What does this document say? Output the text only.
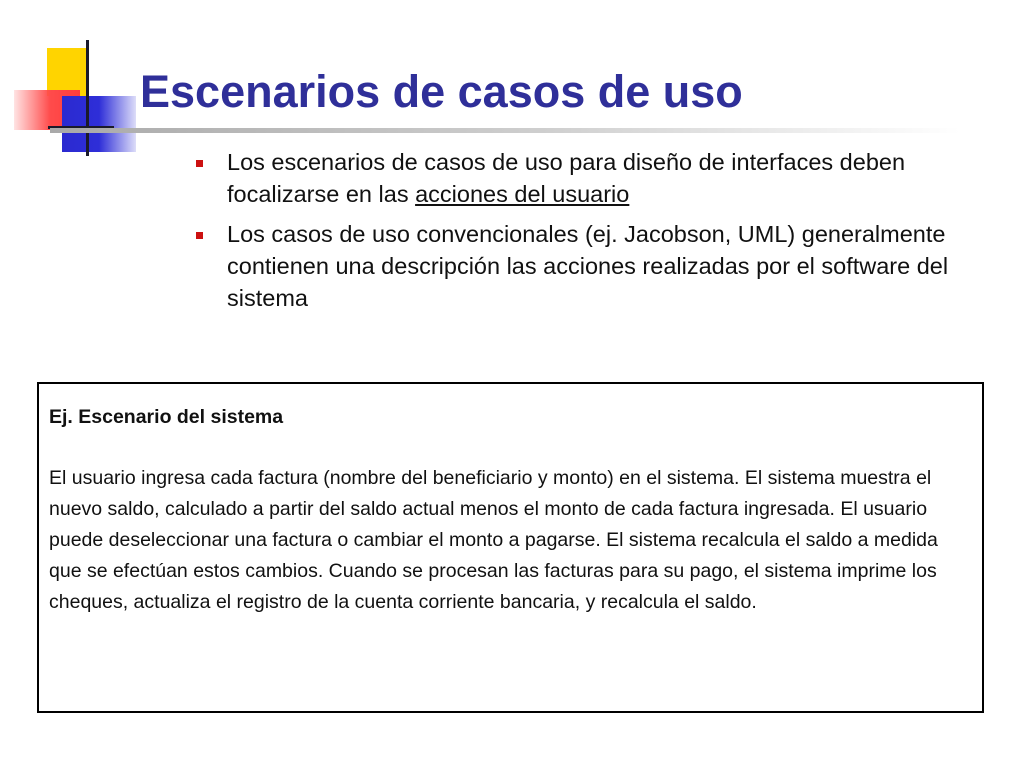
Escenarios de casos de uso
Los escenarios de casos de uso para diseño de interfaces deben focalizarse en las acciones del usuario
Los casos de uso convencionales (ej. Jacobson, UML) generalmente contienen una descripción las acciones realizadas por el software del sistema

Ej. Escenario del sistema

El usuario ingresa cada factura (nombre del beneficiario y monto) en el sistema. El sistema muestra el nuevo saldo, calculado a partir del saldo actual menos el monto de cada factura ingresada. El usuario puede deseleccionar una factura o cambiar el monto a pagarse. El sistema recalcula el saldo a medida que se efectúan estos cambios. Cuando se procesan las facturas para su pago, el sistema imprime los cheques, actualiza el registro de la cuenta corriente bancaria, y recalcula el saldo.
